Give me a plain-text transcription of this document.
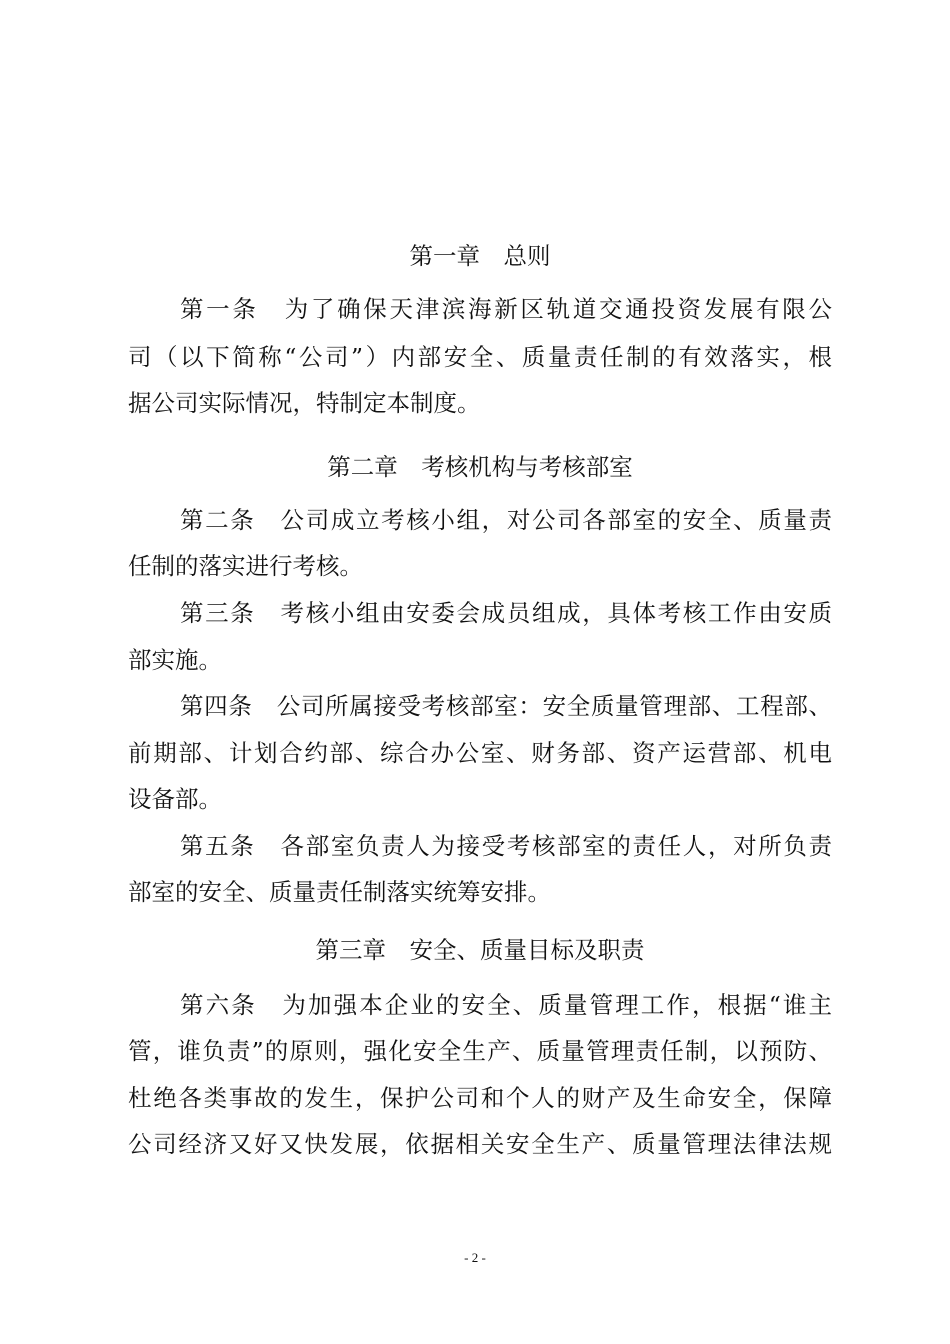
第一章　总则
第一条　为了确保天津滨海新区轨道交通投资发展有限公
司（以下简称“公司”）内部安全、质量责任制的有效落实，根
据公司实际情况，特制定本制度。
第二章　考核机构与考核部室
第二条　公司成立考核小组，对公司各部室的安全、质量责
任制的落实进行考核。
第三条　考核小组由安委会成员组成，具体考核工作由安质
部实施。
第四条　公司所属接受考核部室：安全质量管理部、工程部、
前期部、计划合约部、综合办公室、财务部、资产运营部、机电
设备部。
第五条　各部室负责人为接受考核部室的责任人，对所负责
部室的安全、质量责任制落实统筹安排。
第三章　安全、质量目标及职责
第六条　为加强本企业的安全、质量管理工作，根据“谁主
管，谁负责”的原则，强化安全生产、质量管理责任制，以预防、
杜绝各类事故的发生，保护公司和个人的财产及生命安全，保障
公司经济又好又快发展，依据相关安全生产、质量管理法律法规
- 2 -
